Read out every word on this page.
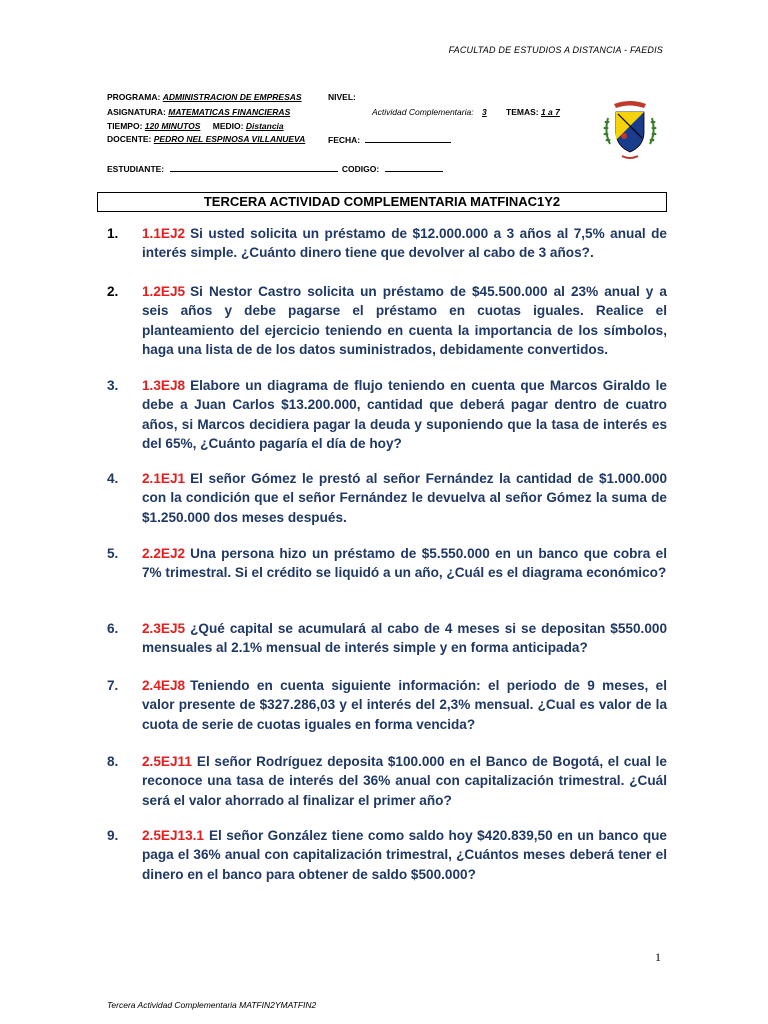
FACULTAD DE ESTUDIOS A DISTANCIA - FAEDIS
PROGRAMA: ADMINISTRACION DE EMPRESAS	NIVEL:
ASIGNATURA: MATEMATICAS FINANCIERAS	Actividad Complementaria: 3 TEMAS: 1 a 7
TIEMPO: 120 MINUTOS MEDIO: Distancia
DOCENTE: PEDRO NEL ESPINOSA VILLANUEVA	FECHA:
ESTUDIANTE:	CODIGO:
TERCERA ACTIVIDAD COMPLEMENTARIA MATFINAC1Y2
1. 1.1EJ2 Si usted solicita un préstamo de $12.000.000 a 3 años al 7,5% anual de interés simple. ¿Cuánto dinero tiene que devolver al cabo de 3 años?.
2. 1.2EJ5 Si Nestor Castro solicita un préstamo de $45.500.000 al 23% anual y a seis años y debe pagarse el préstamo en cuotas iguales. Realice el planteamiento del ejercicio teniendo en cuenta la importancia de los símbolos, haga una lista de de los datos suministrados, debidamente convertidos.
3. 1.3EJ8 Elabore un diagrama de flujo teniendo en cuenta que Marcos Giraldo le debe a Juan Carlos $13.200.000, cantidad que deberá pagar dentro de cuatro años, si Marcos decidiera pagar la deuda y suponiendo que la tasa de interés es del 65%, ¿Cuánto pagaría el día de hoy?
4. 2.1EJ1 El señor Gómez le prestó al señor Fernández la cantidad de $1.000.000 con la condición que el señor Fernández le devuelva al señor Gómez la suma de $1.250.000 dos meses después.
5. 2.2EJ2 Una persona hizo un préstamo de $5.550.000 en un banco que cobra el 7% trimestral. Si el crédito se liquidó a un año, ¿Cuál es el diagrama económico?
6. 2.3EJ5 ¿Qué capital se acumulará al cabo de 4 meses si se depositan $550.000 mensuales al 2.1% mensual de interés simple y en forma anticipada?
7. 2.4EJ8 Teniendo en cuenta siguiente información: el periodo de 9 meses, el valor presente de $327.286,03 y el interés del 2,3% mensual. ¿Cual es valor de la cuota de serie de cuotas iguales en forma vencida?
8. 2.5EJ11 El señor Rodríguez deposita $100.000 en el Banco de Bogotá, el cual le reconoce una tasa de interés del 36% anual con capitalización trimestral. ¿Cuál será el valor ahorrado al finalizar el primer año?
9. 2.5EJ13.1 El señor González tiene como saldo hoy $420.839,50 en un banco que paga el 36% anual con capitalización trimestral, ¿Cuántos meses deberá tener el dinero en el banco para obtener de saldo $500.000?
1
Tercera Actividad Complementaria MATFIN2YMATFIN2
